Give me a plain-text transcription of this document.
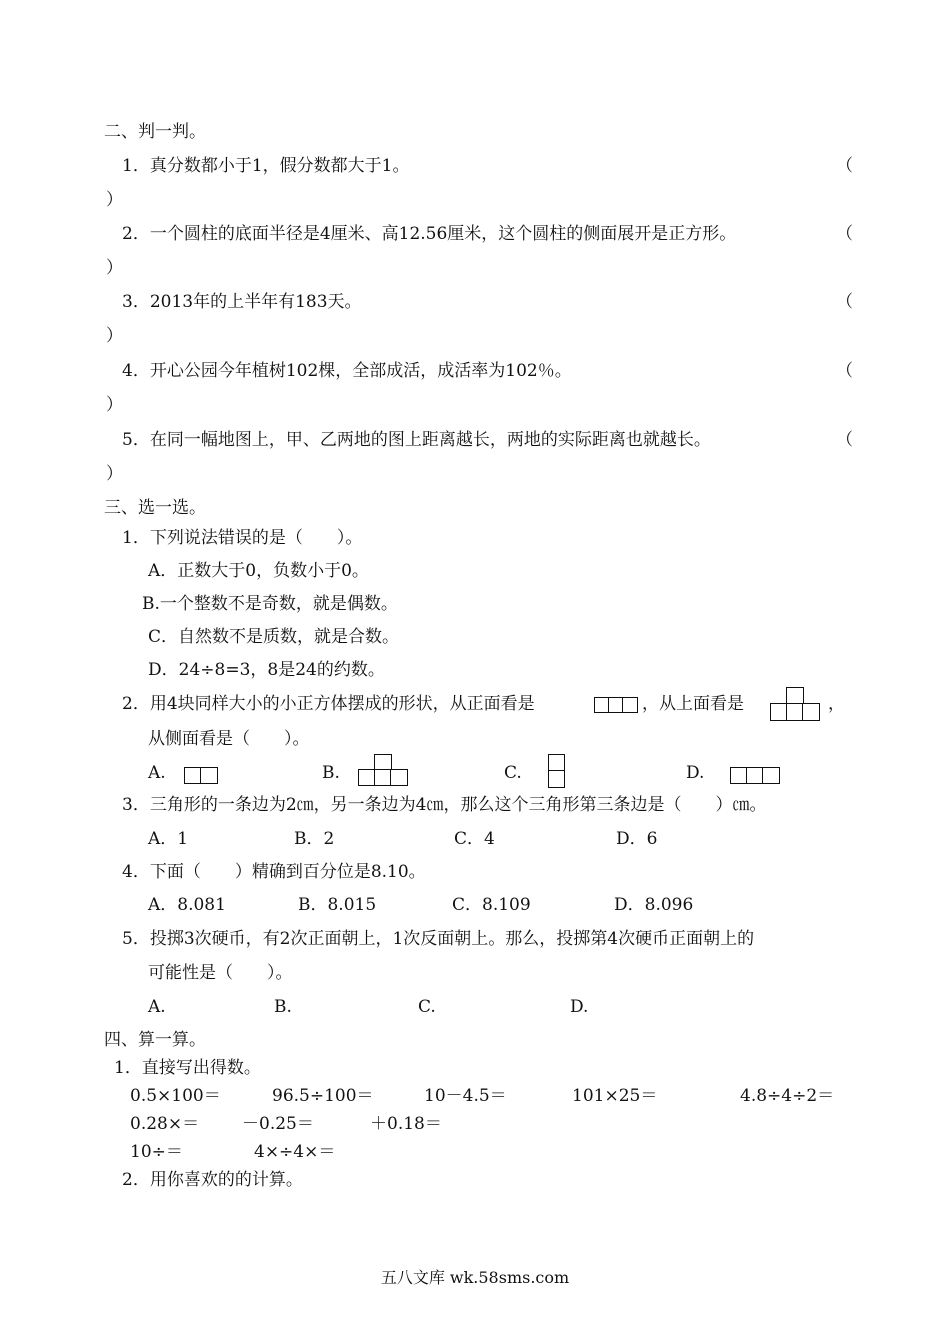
二、判一判。
1．真分数都小于1，假分数都大于1。	（
）
2．一个圆柱的底面半径是4厘米、高12.56厘米，这个圆柱的侧面展开是正方形。	（
）
3．2013年的上半年有183天。	（
）
4．开心公园今年植树102棵，全部成活，成活率为102％。	（
）
5．在同一幅地图上，甲、乙两地的图上距离越长，两地的实际距离也就越长。	（
）
三、选一选。
1．下列说法错误的是（　　）。
A．正数大于0，负数小于0。
B.一个整数不是奇数，就是偶数。
C．自然数不是质数，就是合数。
D．24÷8=3，8是24的约数。
2．用4块同样大小的小正方体摆成的形状，从正面看是	，从上面看是	，
从侧面看是（　　）。
A.	B.	C.	D.
3．三角形的一条边为2㎝，另一条边为4㎝，那么这个三角形第三条边是（　　）㎝。
A．1	B．2	C．4	D．6
4．下面（　　）精确到百分位是8.10。
A．8.081	B．8.015	C．8.109	D．8.096
5．投掷3次硬币，有2次正面朝上，1次反面朝上。那么，投掷第4次硬币正面朝上的
可能性是（　　）。
A.	B.	C.	D.
四、算一算。
1．直接写出得数。
0.5×100＝	96.5÷100＝	10－4.5＝	101×25＝	4.8÷4÷2＝
0.28×＝	－0.25＝	＋0.18＝
10÷＝	4×÷4×＝
2．用你喜欢的的计算。
五八文库 wk.58sms.com
